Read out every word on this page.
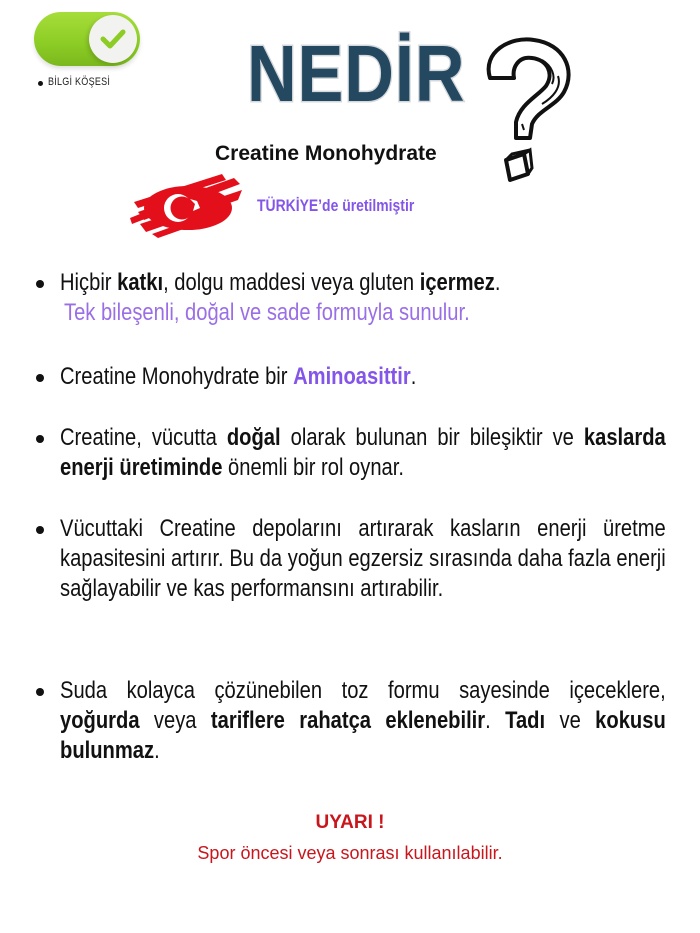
BİLGİ KÖŞESİ NEDİR
Creatine Monohydrate
TÜRKİYE’de üretilmiştir
Hiçbir katkı, dolgu maddesi veya gluten içermez.
Tek bileşenli, doğal ve sade formuyla sunulur.
Creatine Monohydrate bir Aminoasittir.
Creatine, vücutta doğal olarak bulunan bir bileşiktir ve kaslarda enerji üretiminde önemli bir rol oynar.
Vücuttaki Creatine depolarını artırarak kasların enerji üretme kapasitesini artırır. Bu da yoğun egzersiz sırasında daha fazla enerji sağlayabilir ve kas performansını artırabilir.
Suda kolayca çözünebilen toz formu sayesinde içeceklere, yoğurda veya tariflere rahatça eklenebilir. Tadı ve kokusu bulunmaz.
UYARI !
Spor öncesi veya sonrası kullanılabilir.
